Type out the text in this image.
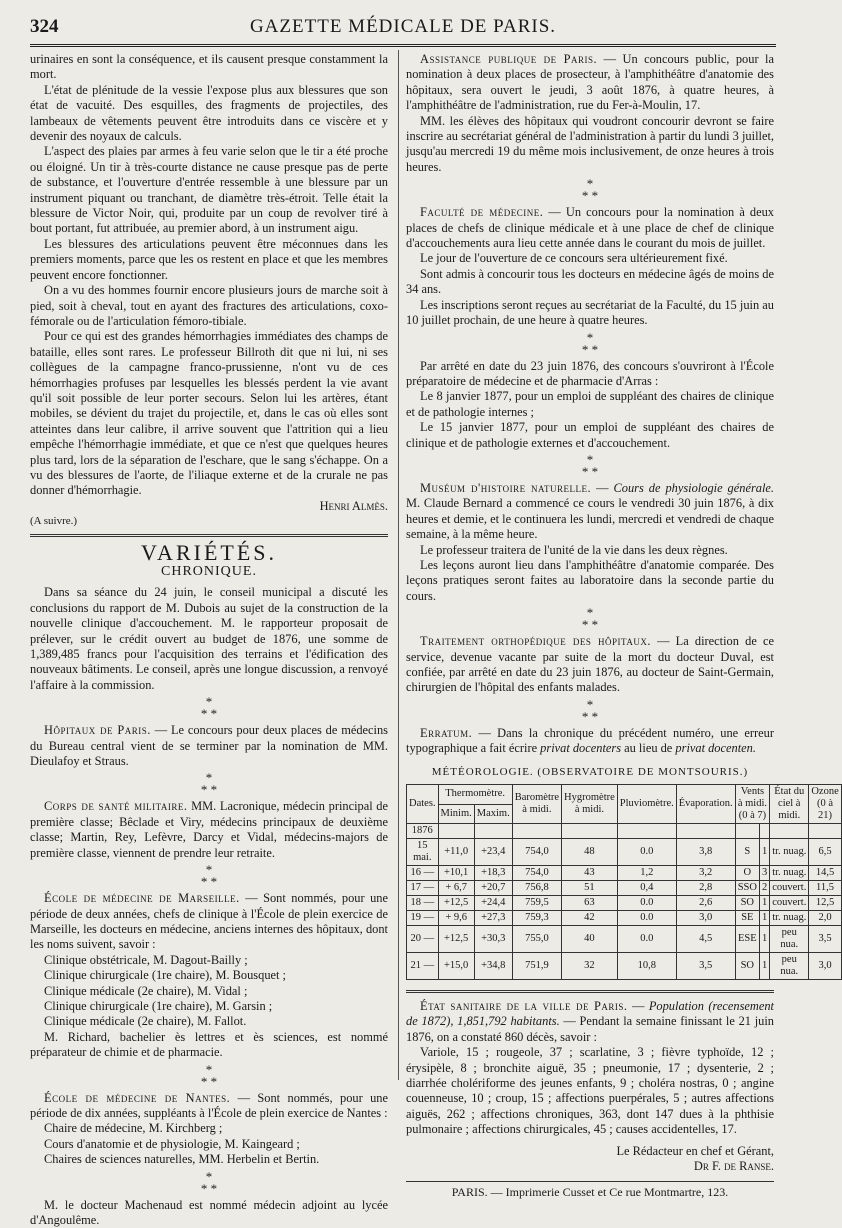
324	GAZETTE MÉDICALE DE PARIS.

urinaires en sont la conséquence, et ils causent presque constamment la mort.

L'état de plénitude de la vessie l'expose plus aux blessures que son état de vacuité. Des esquilles, des fragments de projectiles, des lambeaux de vêtements peuvent être introduits dans ce viscère et y devenir des noyaux de calculs.

L'aspect des plaies par armes à feu varie selon que le tir a été proche ou éloigné. Un tir à très-courte distance ne cause presque pas de perte de substance, et l'ouverture d'entrée ressemble à une blessure par un instrument piquant ou tranchant, de diamètre très-étroit. Telle était la blessure de Victor Noir, qui, produite par un coup de revolver tiré à bout portant, fut attribuée, au premier abord, à un instrument aigu.

Les blessures des articulations peuvent être méconnues dans les premiers moments, parce que les os restent en place et que les membres peuvent encore fonctionner.

On a vu des hommes fournir encore plusieurs jours de marche soit à pied, soit à cheval, tout en ayant des fractures des articulations, coxo-fémorale ou de l'articulation fémoro-tibiale.

Pour ce qui est des grandes hémorrhagies immédiates des champs de bataille, elles sont rares. Le professeur Billroth dit que ni lui, ni ses collègues de la campagne franco-prussienne, n'ont vu de ces hémorrhagies profuses par lesquelles les blessés perdent la vie avant qu'il soit possible de leur porter secours. Selon lui les artères, étant mobiles, se dévient du trajet du projectile, et, dans le cas où elles sont atteintes dans leur calibre, il arrive souvent que l'attrition qui a lieu empêche l'hémorrhagie immédiate, et que ce n'est que quelques heures plus tard, lors de la séparation de l'eschare, que le sang s'échappe. On a vu des blessures de l'aorte, de l'iliaque externe et de la crurale ne pas donner d'hémorrhagie.

Henri Almès.
(A suivre.)
VARIÉTÉS.
CHRONIQUE.

Dans sa séance du 24 juin, le conseil municipal a discuté les conclusions du rapport de M. Dubois au sujet de la construction de la nouvelle clinique d'accouchement. M. le rapporteur proposait de prélever, sur le crédit ouvert au budget de 1876, une somme de 1,389,485 francs pour l'acquisition des terrains et l'édification des nouveaux bâtiments. Le conseil, après une longue discussion, a renvoyé l'affaire à la commission.

*
* *

Hôpitaux de Paris. — Le concours pour deux places de médecins du Bureau central vient de se terminer par la nomination de MM. Dieulafoy et Straus.

*
* *

Corps de santé militaire. MM. Lacronique, médecin principal de première classe; Bêclade et Viry, médecins principaux de deuxième classe; Martin, Rey, Lefèvre, Darcy et Vidal, médecins-majors de première classe, viennent de prendre leur retraite.

*
* *

École de médecine de Marseille. — Sont nommés, pour une période de deux années, chefs de clinique à l'École de plein exercice de Marseille, les docteurs en médecine, anciens internes des hôpitaux, dont les noms suivent, savoir :

Clinique obstétricale, M. Dagout-Bailly ;

Clinique chirurgicale (1re chaire), M. Bousquet ;

Clinique médicale (2e chaire), M. Vidal ;

Clinique chirurgicale (1re chaire), M. Garsin ;

Clinique médicale (2e chaire), M. Fallot.

M. Richard, bachelier ès lettres et ès sciences, est nommé préparateur de chimie et de pharmacie.

*
* *

École de médecine de Nantes. — Sont nommés, pour une période de dix années, suppléants à l'École de plein exercice de Nantes :

Chaire de médecine, M. Kirchberg ;

Cours d'anatomie et de physiologie, M. Kaingeard ;

Chaires de sciences naturelles, MM. Herbelin et Bertin.

*
* *

M. le docteur Machenaud est nommé médecin adjoint au lycée d'Angoulême.

Assistance publique de Paris. — Un concours public, pour la nomination à deux places de prosecteur, à l'amphithéâtre d'anatomie des hôpitaux, sera ouvert le jeudi, 3 août 1876, à quatre heures, à l'amphithéâtre de l'administration, rue du Fer-à-Moulin, 17.

MM. les élèves des hôpitaux qui voudront concourir devront se faire inscrire au secrétariat général de l'administration à partir du lundi 3 juillet, jusqu'au mercredi 19 du même mois inclusivement, de onze heures à trois heures.

*
* *

Faculté de médecine. — Un concours pour la nomination à deux places de chefs de clinique médicale et à une place de chef de clinique d'accouchements aura lieu cette année dans le courant du mois de juillet.

Le jour de l'ouverture de ce concours sera ultérieurement fixé.

Sont admis à concourir tous les docteurs en médecine âgés de moins de 34 ans.

Les inscriptions seront reçues au secrétariat de la Faculté, du 15 juin au 10 juillet prochain, de une heure à quatre heures.

*
* *

Par arrêté en date du 23 juin 1876, des concours s'ouvriront à l'École préparatoire de médecine et de pharmacie d'Arras :

Le 8 janvier 1877, pour un emploi de suppléant des chaires de clinique et de pathologie internes ;

Le 15 janvier 1877, pour un emploi de suppléant des chaires de clinique et de pathologie externes et d'accouchement.

*
* *

Muséum d'histoire naturelle. — Cours de physiologie générale. M. Claude Bernard a commencé ce cours le vendredi 30 juin 1876, à dix heures et demie, et le continuera les lundi, mercredi et vendredi de chaque semaine, à la même heure.

Le professeur traitera de l'unité de la vie dans les deux règnes.

Les leçons auront lieu dans l'amphithéâtre d'anatomie comparée. Des leçons pratiques seront faites au laboratoire dans la seconde partie du cours.

*
* *

Traitement orthopédique des hôpitaux. — La direction de ce service, devenue vacante par suite de la mort du docteur Duval, est confiée, par arrêté en date du 23 juin 1876, au docteur de Saint-Germain, chirurgien de l'hôpital des enfants malades.

*
* *

Erratum. — Dans la chronique du précédent numéro, une erreur typographique a fait écrire privat docenters au lieu de privat docenten.

MÉTÉOROLOGIE. (OBSERVATOIRE DE MONTSOURIS.)
Dates.	Thermomètre.		Baromètre à midi.	Hygromètre à midi.	Pluviomètre.	Évaporation.	Vents à midi. (0 à 7)		État du ciel à midi.	Ozone (0 à 21)
	Minim.	Maxim.								
1876										
15 mai.	+11,0	+23,4	754,0	48	0.0	3,8	S	1	tr. nuag.	6,5
16 —	+10,1	+18,3	754,0	43	1,2	3,2	O	3	tr. nuag.	14,5
17 —	+ 6,7	+20,7	756,8	51	0,4	2,8	SSO	2	couvert.	11,5
18 —	+12,5	+24,4	759,5	63	0.0	2,6	SO	1	couvert.	12,5
19 —	+ 9,6	+27,3	759,3	42	0.0	3,0	SE	1	tr. nuag.	2,0
20 —	+12,5	+30,3	755,0	40	0.0	4,5	ESE	1	peu nua.	3,5
21 —	+15,0	+34,8	751,9	32	10,8	3,5	SO	1	peu nua.	3,0

État sanitaire de la ville de Paris. — Population (recensement de 1872), 1,851,792 habitants. — Pendant la semaine finissant le 21 juin 1876, on a constaté 860 décès, savoir :

Variole, 15 ; rougeole, 37 ; scarlatine, 3 ; fièvre typhoïde, 12 ; érysipèle, 8 ; bronchite aiguë, 35 ; pneumonie, 17 ; dysenterie, 2 ; diarrhée cholériforme des jeunes enfants, 9 ; choléra nostras, 0 ; angine couenneuse, 10 ; croup, 15 ; affections puerpérales, 5 ; autres affections aiguës, 262 ; affections chroniques, 363, dont 147 dues à la phthisie pulmonaire ; affections chirurgicales, 45 ; causes accidentelles, 17.

Le Rédacteur en chef et Gérant,
Dr F. de Ranse.
PARIS. — Imprimerie Cusset et Ce rue Montmartre, 123.
